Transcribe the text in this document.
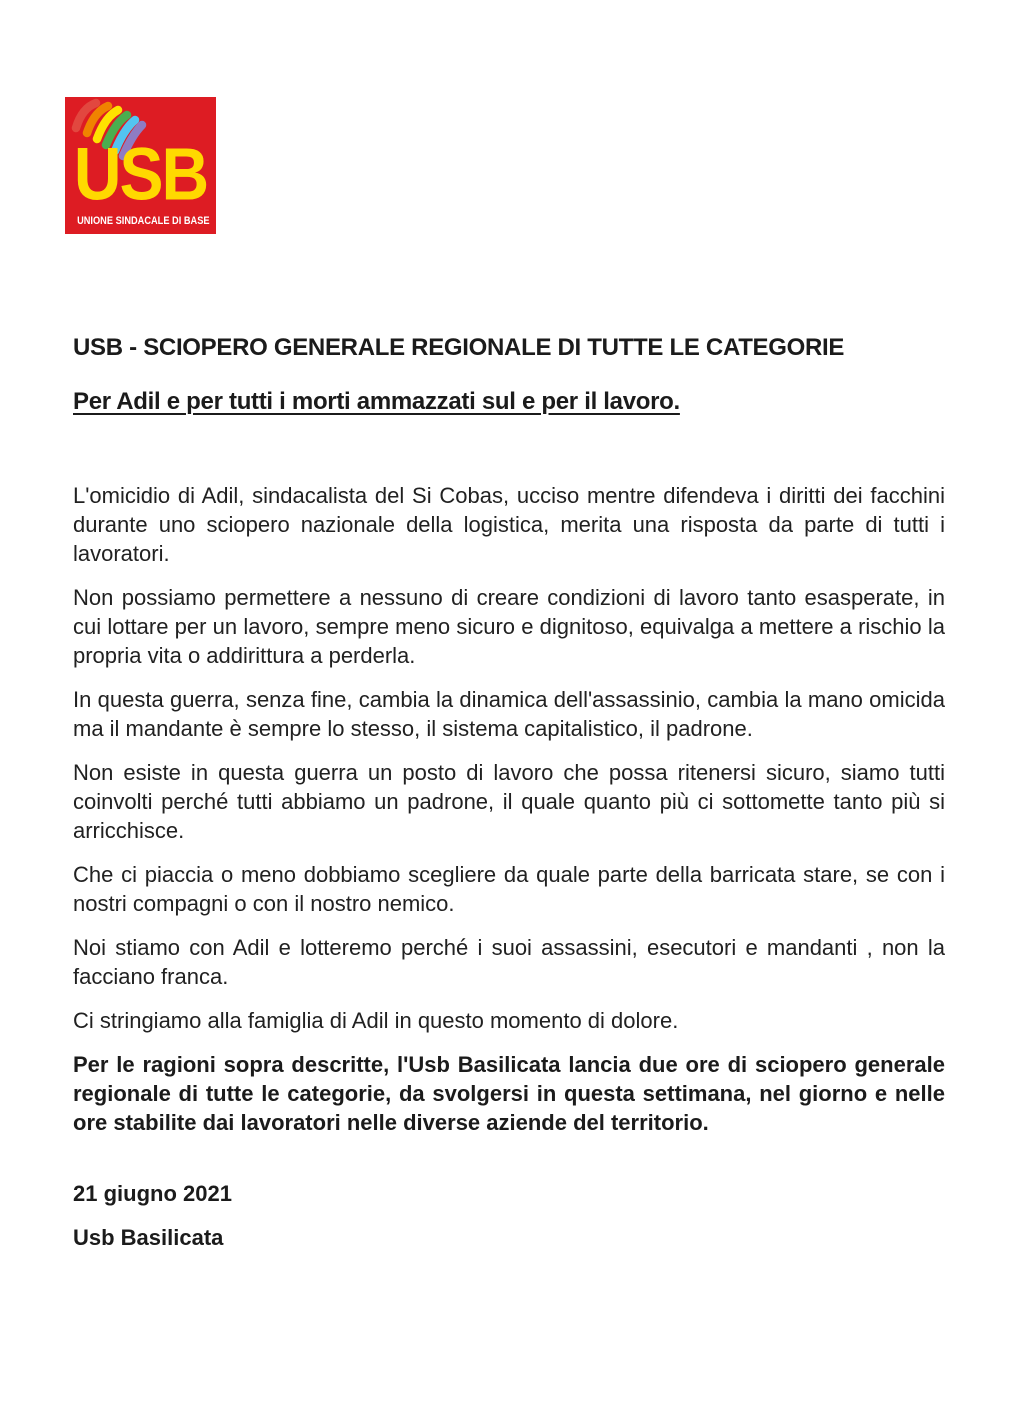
USB

UNIONE SINDACALE DI BASE

USB - SCIOPERO GENERALE REGIONALE DI TUTTE LE CATEGORIE
Per Adil e per tutti i morti ammazzati sul e per il lavoro.

L'omicidio di Adil, sindacalista del Si Cobas, ucciso mentre difendeva i diritti dei facchini durante uno sciopero nazionale della logistica, merita una risposta da parte di tutti i lavoratori.

Non possiamo permettere a nessuno di creare condizioni di lavoro tanto esasperate, in cui lottare per un lavoro, sempre meno sicuro e dignitoso, equivalga a mettere a rischio la propria vita o addirittura a perderla.

In questa guerra, senza fine, cambia la dinamica dell'assassinio, cambia la mano omicida ma il mandante è sempre lo stesso, il sistema capitalistico, il padrone.

Non esiste in questa guerra un posto di lavoro che possa ritenersi sicuro, siamo tutti coinvolti perché tutti abbiamo un padrone, il quale quanto più ci sottomette tanto più si arricchisce.

Che ci piaccia o meno dobbiamo scegliere da quale parte della barricata stare, se con i nostri compagni o con il nostro nemico.

Noi stiamo con Adil e lotteremo perché i suoi assassini, esecutori e mandanti , non la facciano franca.

Ci stringiamo alla famiglia di Adil in questo momento di dolore.

Per le ragioni sopra descritte, l'Usb Basilicata lancia due ore di sciopero generale regionale di tutte le categorie, da svolgersi in questa settimana, nel giorno e nelle ore stabilite dai lavoratori nelle diverse aziende del territorio.

21 giugno 2021

Usb Basilicata
